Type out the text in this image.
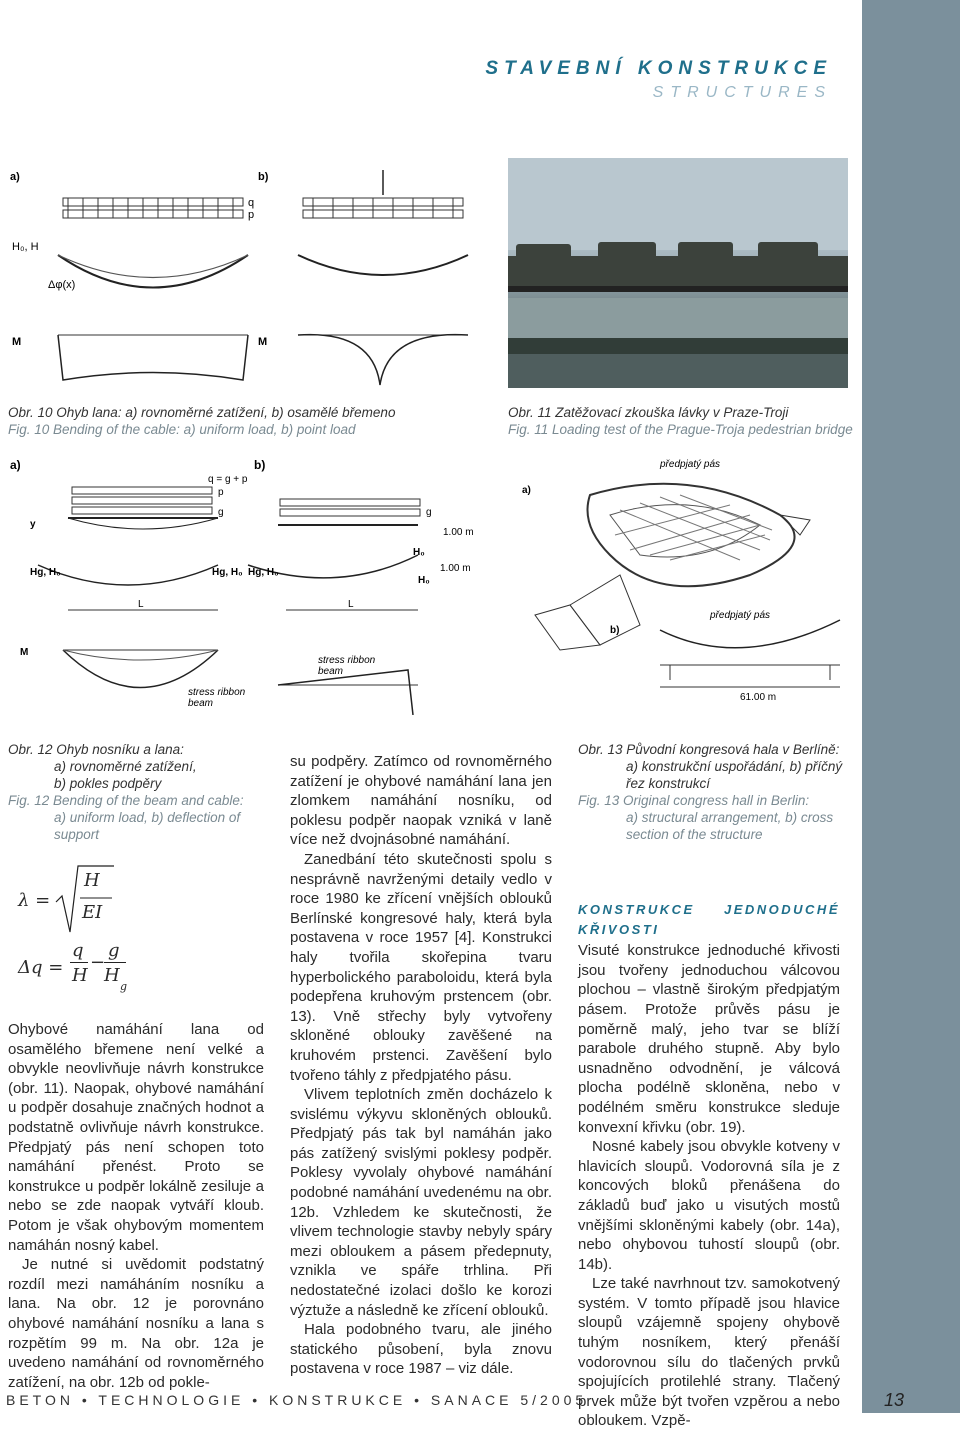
STAVEBNÍ KONSTRUKCE
STRUCTURES
a)	b)
q
p
H₀, H
Δφ(x)
M	M
Obr. 10 Ohyb lana: a) rovnoměrné zatížení, b) osamělé břemeno
Fig. 10 Bending of the cable: a) uniform load, b) point load
Obr. 11 Zatěžovací zkouška lávky v Praze-Troji
Fig. 11 Loading test of the Prague-Troja pedestrian bridge
a)	b)
q = g + p
p
g	g
y
1.00 m
Hg, H₀	Hg, H₀ Hg, H₀
H₀
H₀
1.00 m
L	L
M
stress ribbon
beam
stress ribbon
beam
a)
předpjatý pás
b)
předpjatý pás
61.00 m
Obr. 12 Ohyb nosníku a lana:
a) rovnoměrné zatížení,
b) pokles podpěry
Fig. 12 Bending of the beam and cable:
a) uniform load, b) deflection of
support
Obr. 13 Původní kongresová hala v Berlíně:
a) konstrukční uspořádání, b) příčný
řez konstrukcí
Fig. 13 Original congress hall in Berlin:
a) structural arrangement, b) cross
section of the structure
λ =
H
EI
Δq =
q
H
−
g
H
g

Ohybové namáhání lana od osamělého břemene není velké a obvykle neovlivňuje návrh konstrukce (obr. 11). Naopak, ohybové namáhání u podpěr dosahuje značných hodnot a podstatně ovlivňuje návrh konstrukce. Předpjatý pás není schopen toto namáhání přenést. Proto se konstrukce u podpěr lokálně zesiluje a nebo se zde naopak vytváří kloub. Potom je však ohybovým momentem namáhán nosný kabel.

Je nutné si uvědomit podstatný rozdíl mezi namáháním nosníku a lana. Na obr. 12 je porovnáno ohybové namáhání nosníku a lana s rozpětím 99 m. Na obr. 12a je uvedeno namáhání od rovnoměrného zatížení, na obr. 12b od pokle-

su podpěry. Zatímco od rovnoměrného zatížení je ohybové namáhání lana jen zlomkem namáhání nosníku, od poklesu podpěr naopak vzniká v laně více než dvojnásobné namáhání.

Zanedbání této skutečnosti spolu s nesprávně navrženými detaily vedlo v roce 1980 ke zřícení vnějších oblouků Berlínské kongresové haly, která byla postavena v roce 1957 [4]. Konstrukci haly tvořila skořepina tvaru hyperbolického paraboloidu, která byla podepřena kruhovým prstencem (obr. 13). Vně střechy byly vytvořeny skloněné oblouky zavěšené na kruhovém prstenci. Zavěšení bylo tvořeno táhly z předpjatého pásu.

Vlivem teplotních změn docházelo k svislému výkyvu skloněných oblouků. Předpjatý pás tak byl namáhán jako pás zatížený svislými poklesy podpěr. Poklesy vyvolaly ohybové namáhání podobné namáhání uvedenému na obr. 12b. Vzhledem ke skutečnosti, že vlivem technologie stavby nebyly spáry mezi obloukem a pásem předepnuty, vznikla ve spáře trhlina. Při nedostatečné izolaci došlo ke korozi výztuže a následně ke zřícení oblouků.

Hala podobného tvaru, ale jiného statického působení, byla znovu postavena v roce 1987 – viz dále.

KONSTRUKCE JEDNODUCHÉ KŘIVOSTI

Visuté konstrukce jednoduché křivosti jsou tvořeny jednoduchou válcovou plochou – vlastně širokým předpjatým pásem. Protože průvěs pásu je poměrně malý, jeho tvar se blíží parabole druhého stupně. Aby bylo usnadněno odvodnění, je válcová plocha podélně skloněna, nebo v podélném směru konstrukce sleduje konvexní křivku (obr. 19).

Nosné kabely jsou obvykle kotveny v hlavicích sloupů. Vodorovná síla je z koncových bloků přenášena do základů buď jako u visutých mostů vnějšími skloněnými kabely (obr. 14a), nebo ohybovou tuhostí sloupů (obr. 14b).

Lze také navrhnout tzv. samokotvený systém. V tomto případě jsou hlavice sloupů vzájemně spojeny ohybově tuhým nosníkem, který přenáší vodorovnou sílu do tlačených prvků spojujících protilehlé strany. Tlačený prvek může být tvořen vzpěrou a nebo obloukem. Vzpě-

BETON • TECHNOLOGIE • KONSTRUKCE • SANACE 5/2005	13
